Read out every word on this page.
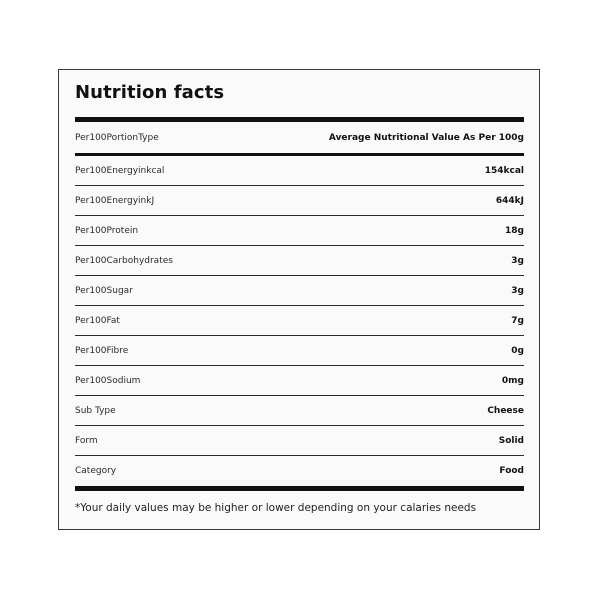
Nutrition facts
Per100PortionType	Average Nutritional Value As Per 100g
Per100Energyinkcal	154kcal
Per100EnergyinkJ	644kJ
Per100Protein	18g
Per100Carbohydrates	3g
Per100Sugar	3g
Per100Fat	7g
Per100Fibre	0g
Per100Sodium	0mg
Sub Type	Cheese
Form	Solid
Category	Food
*Your daily values may be higher or lower depending on your calaries needs
